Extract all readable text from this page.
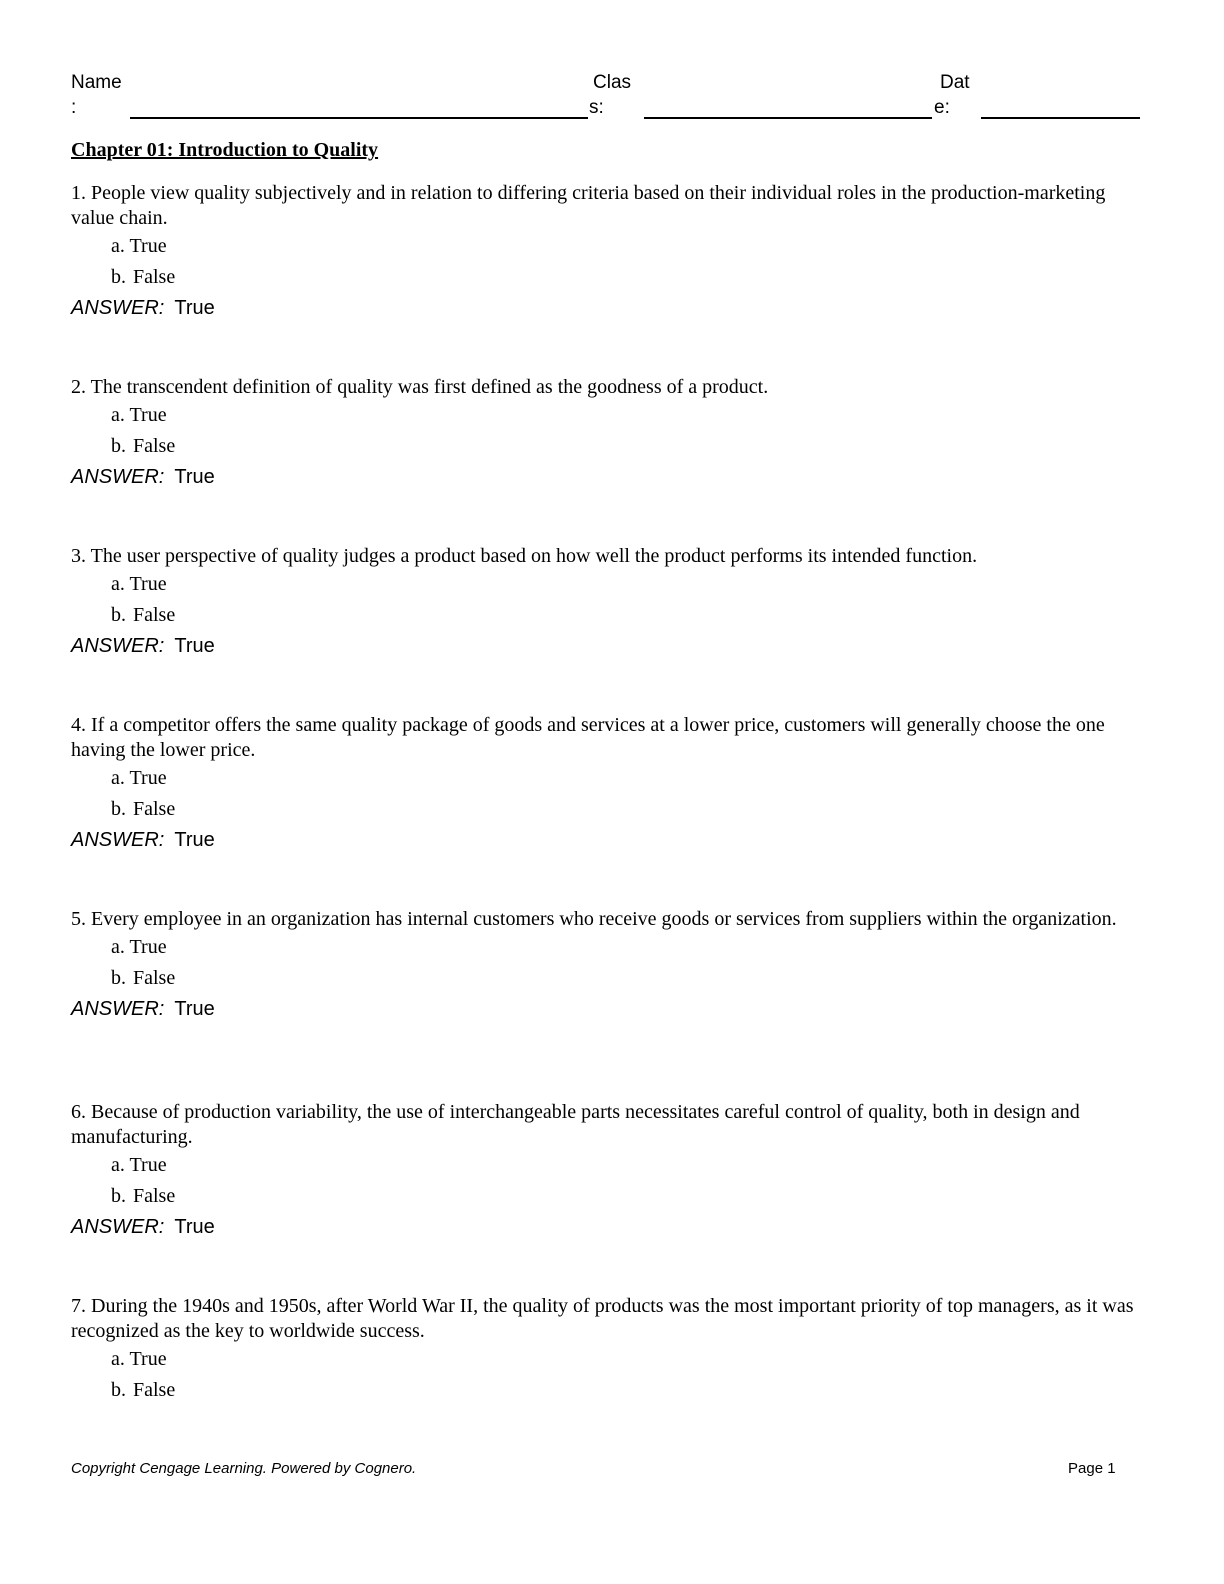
Name
:
Clas
s:
Dat
e:
Chapter 01: Introduction to Quality

1. People view quality subjectively and in relation to differing criteria based on their individual roles in the production-marketing value chain.

a. True
b. False
ANSWER: True

2. The transcendent definition of quality was first defined as the goodness of a product.

a. True
b. False
ANSWER: True

3. The user perspective of quality judges a product based on how well the product performs its intended function.

a. True
b. False
ANSWER: True

4. If a competitor offers the same quality package of goods and services at a lower price, customers will generally choose the one having the lower price.

a. True
b. False
ANSWER: True

5. Every employee in an organization has internal customers who receive goods or services from suppliers within the organization.

a. True
b. False
ANSWER: True

6. Because of production variability, the use of interchangeable parts necessitates careful control of quality, both in design and manufacturing.

a. True
b. False
ANSWER: True

7. During the 1940s and 1950s, after World War II, the quality of products was the most important priority of top managers, as it was recognized as the key to worldwide success.

a. True
b. False
Copyright Cengage Learning. Powered by Cognero.	Page 1
